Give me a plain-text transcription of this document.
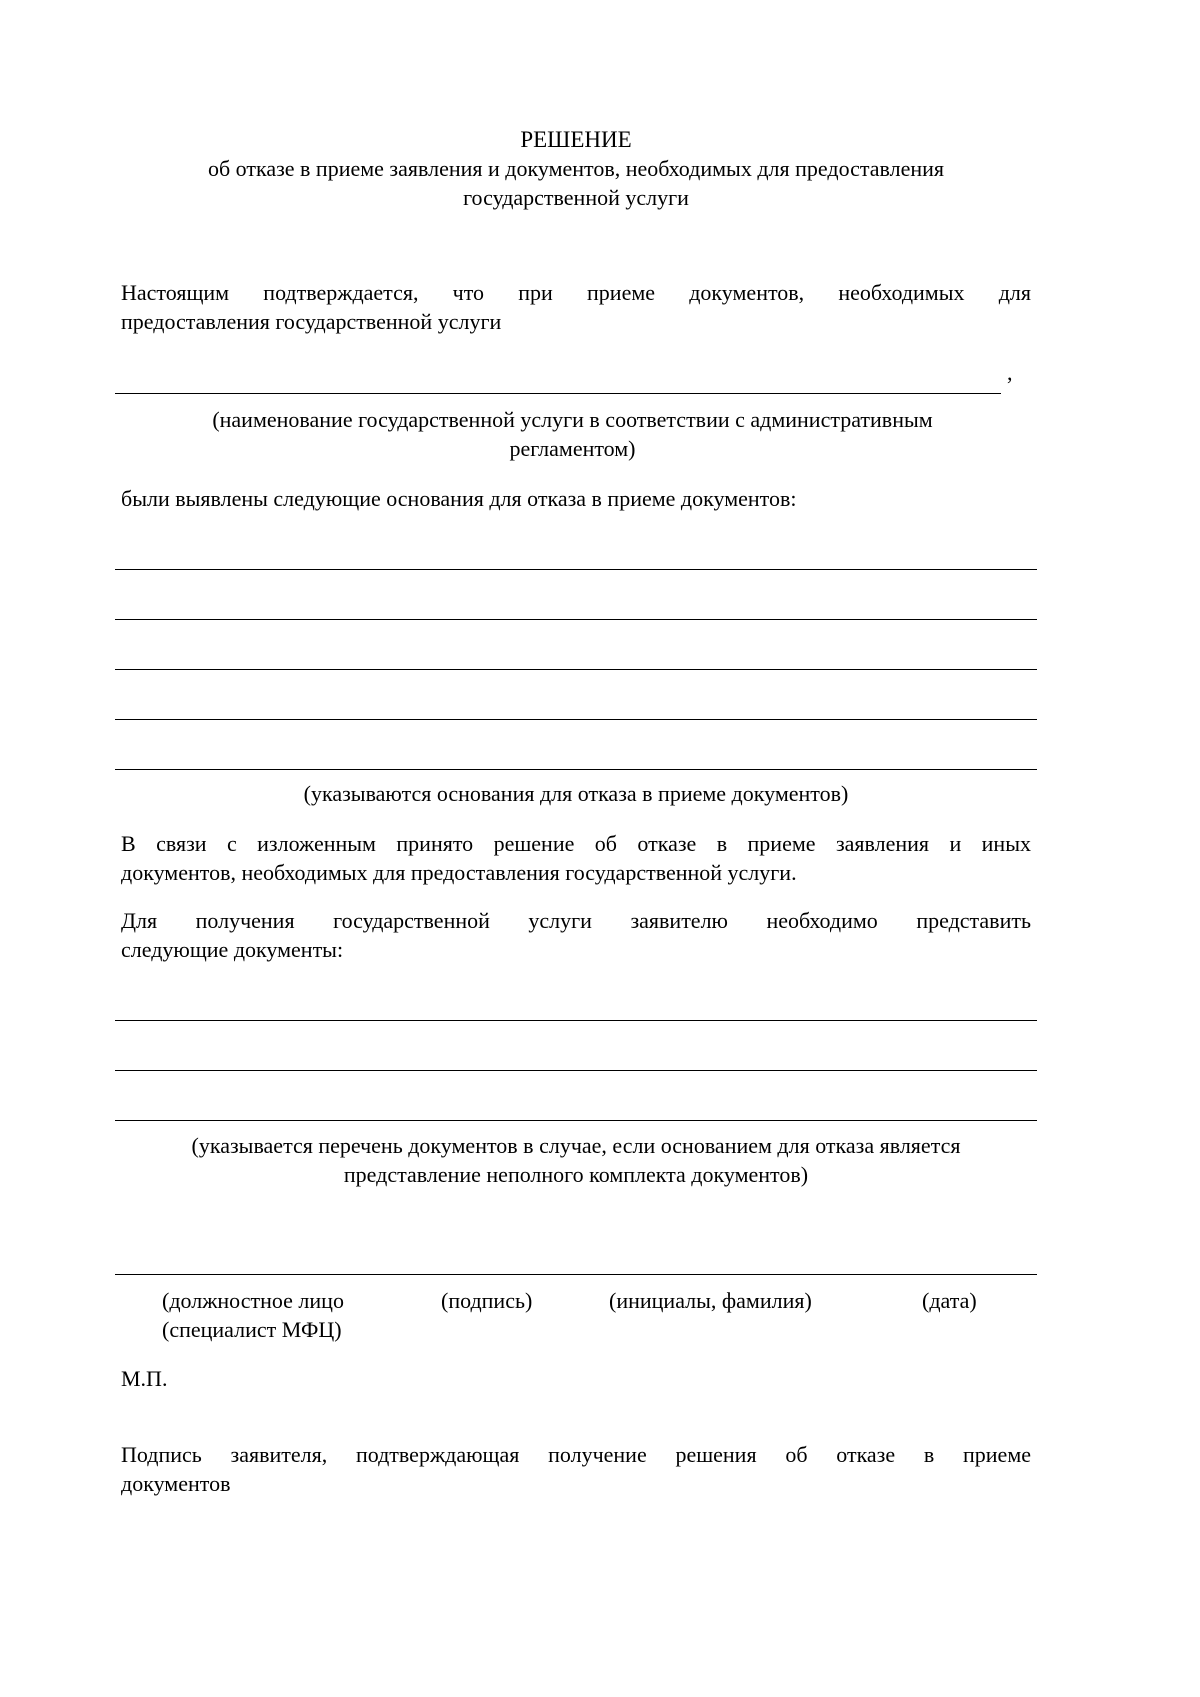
РЕШЕНИЕ
об отказе в приеме заявления и документов, необходимых для предоставления
государственной услуги
Настоящим подтверждается, что при приеме документов, необходимых для
предоставления государственной услуги
,
(наименование государственной услуги в соответствии с административным
регламентом)
были выявлены следующие основания для отказа в приеме документов:
(указываются основания для отказа в приеме документов)
В связи с изложенным принято решение об отказе в приеме заявления и иных
документов, необходимых для предоставления государственной услуги.
Для получения государственной услуги заявителю необходимо представить
следующие документы:
(указывается перечень документов в случае, если основанием для отказа является
представление неполного комплекта документов)
(должностное лицо
(специалист МФЦ)
(подпись)	(инициалы, фамилия)	(дата)
М.П.
Подпись заявителя, подтверждающая получение решения об отказе в приеме
документов
